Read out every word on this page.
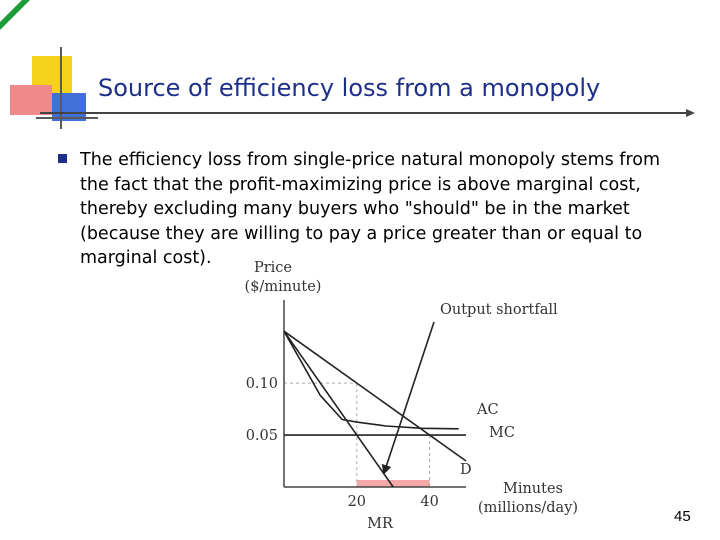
Source of efficiency loss from a monopoly
The efficiency loss from single-price natural monopoly stems from the fact that the profit-maximizing price is above marginal cost, thereby excluding many buyers who "should" be in the market (because they are willing to pay a price greater than or equal to marginal cost).	Price
($/minute)
0.10
0.05
20	40
Minutes
(millions/day)
D
MR
AC
MC
Output shortfall
45
